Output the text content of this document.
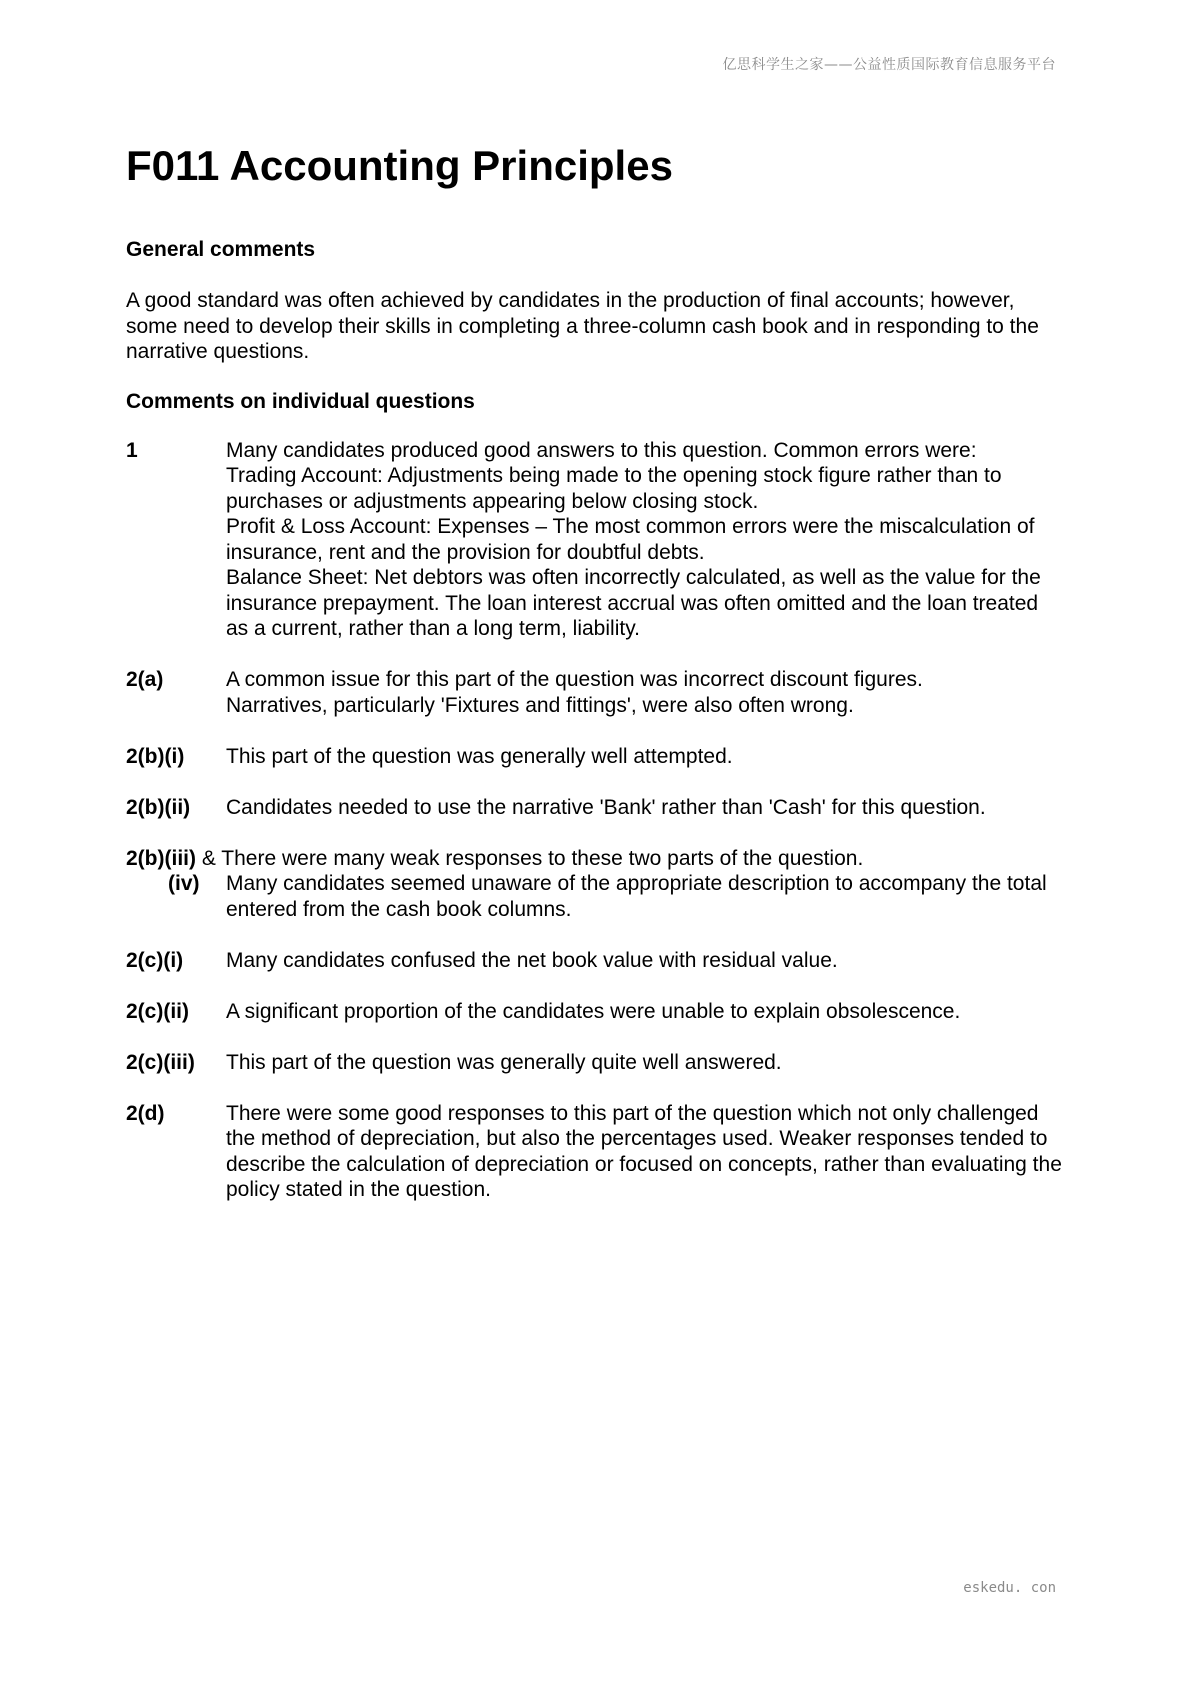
亿思科学生之家——公益性质国际教育信息服务平台
F011 Accounting Principles
General comments

A good standard was often achieved by candidates in the production of final accounts; however, some need to develop their skills in completing a three-column cash book and in responding to the narrative questions.

Comments on individual questions
1	Many candidates produced good answers to this question. Common errors were:

Trading Account: Adjustments being made to the opening stock figure rather than to purchases or adjustments appearing below closing stock.

Profit & Loss Account: Expenses – The most common errors were the miscalculation of insurance, rent and the provision for doubtful debts.

Balance Sheet: Net debtors was often incorrectly calculated, as well as the value for the insurance prepayment. The loan interest accrual was often omitted and the loan treated as a current, rather than a long term, liability.

2(a)	A common issue for this part of the question was incorrect discount figures.

Narratives, particularly 'Fixtures and fittings', were also often wrong.

2(b)(i)	This part of the question was generally well attempted.

2(b)(ii)	Candidates needed to use the narrative 'Bank' rather than 'Cash' for this question.

2(b)(iii) & There were many weak responses to these two parts of the question.
(iv)	Many candidates seemed unaware of the appropriate description to accompany the total entered from the cash book columns.
2(c)(i)	Many candidates confused the net book value with residual value.

2(c)(ii)	A significant proportion of the candidates were unable to explain obsolescence.

2(c)(iii)	This part of the question was generally quite well answered.

2(d)	There were some good responses to this part of the question which not only challenged the method of depreciation, but also the percentages used. Weaker responses tended to describe the calculation of depreciation or focused on concepts, rather than evaluating the policy stated in the question.

eskedu. con
